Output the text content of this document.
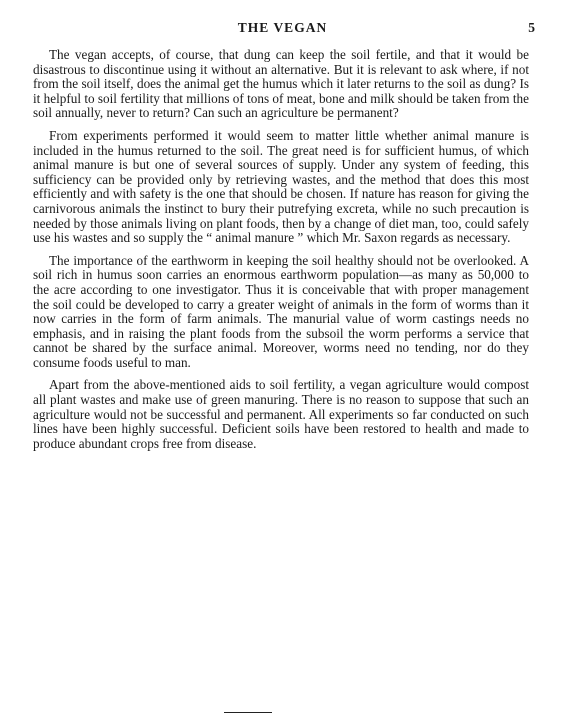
THE VEGAN	5

The vegan accepts, of course, that dung can keep the soil fertile, and that it would be disastrous to discontinue using it without an alternative. But it is relevant to ask where, if not from the soil itself, does the animal get the humus which it later returns to the soil as dung? Is it helpful to soil fertility that millions of tons of meat, bone and milk should be taken from the soil annually, never to return? Can such an agriculture be permanent?

From experiments performed it would seem to matter little whether animal manure is included in the humus returned to the soil. The great need is for sufficient humus, of which animal manure is but one of several sources of supply. Under any system of feeding, this sufficiency can be provided only by retrieving wastes, and the method that does this most efficiently and with safety is the one that should be chosen. If nature has reason for giving the carnivorous animals the instinct to bury their putrefying excreta, while no such precaution is needed by those animals living on plant foods, then by a change of diet man, too, could safely use his wastes and so supply the “ animal manure ” which Mr. Saxon regards as necessary.

The importance of the earthworm in keeping the soil healthy should not be overlooked. A soil rich in humus soon carries an enormous earthworm population—as many as 50,000 to the acre according to one investigator. Thus it is conceivable that with proper management the soil could be developed to carry a greater weight of animals in the form of worms than it now carries in the form of farm animals. The manurial value of worm castings needs no emphasis, and in raising the plant foods from the subsoil the worm performs a service that cannot be shared by the surface animal. Moreover, worms need no tending, nor do they consume foods useful to man.

Apart from the above-mentioned aids to soil fertility, a vegan agriculture would compost all plant wastes and make use of green manuring. There is no reason to suppose that such an agriculture would not be successful and permanent. All experiments so far conducted on such lines have been highly successful. Deficient soils have been restored to health and made to produce abundant crops free from disease.
